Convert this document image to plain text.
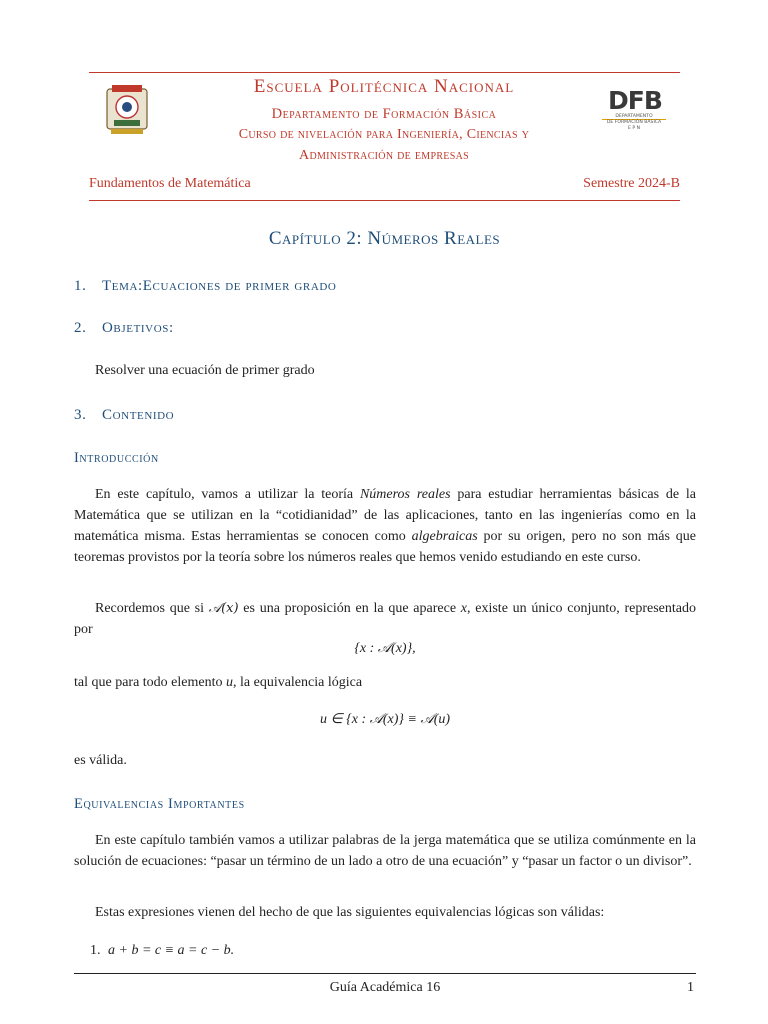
Escuela Politécnica Nacional
Departamento de Formación Básica
Curso de nivelación para Ingeniería, Ciencias y
Administración de empresas
DFB
DEPARTAMENTO
DE FORMACIÓN BÁSICA
E P N
Fundamentos de Matemática	Semestre 2024-B
Capítulo 2: Números Reales
1. Tema:Ecuaciones de primer grado
2. Objetivos:
Resolver una ecuación de primer grado
3. Contenido
Introducción
En este capítulo, vamos a utilizar la teoría Números reales para estudiar herramientas básicas de la Matemática que se utilizan en la “cotidianidad” de las aplicaciones, tanto en las ingenierías como en la matemática misma. Estas herramientas se conocen como algebraicas por su origen, pero no son más que teoremas provistos por la teoría sobre los números reales que hemos venido estudiando en este curso.
Recordemos que si 𝒜(x) es una proposición en la que aparece x, existe un único conjunto, representado por
{x : 𝒜(x)},
tal que para todo elemento u, la equivalencia lógica
u ∈ {x : 𝒜(x)} ≡ 𝒜(u)
es válida.
Equivalencias Importantes
En este capítulo también vamos a utilizar palabras de la jerga matemática que se utiliza comúnmente en la solución de ecuaciones: “pasar un término de un lado a otro de una ecuación” y “pasar un factor o un divisor”.
Estas expresiones vienen del hecho de que las siguientes equivalencias lógicas son válidas:
1. a + b = c ≡ a = c − b.
Guía Académica 16	1
